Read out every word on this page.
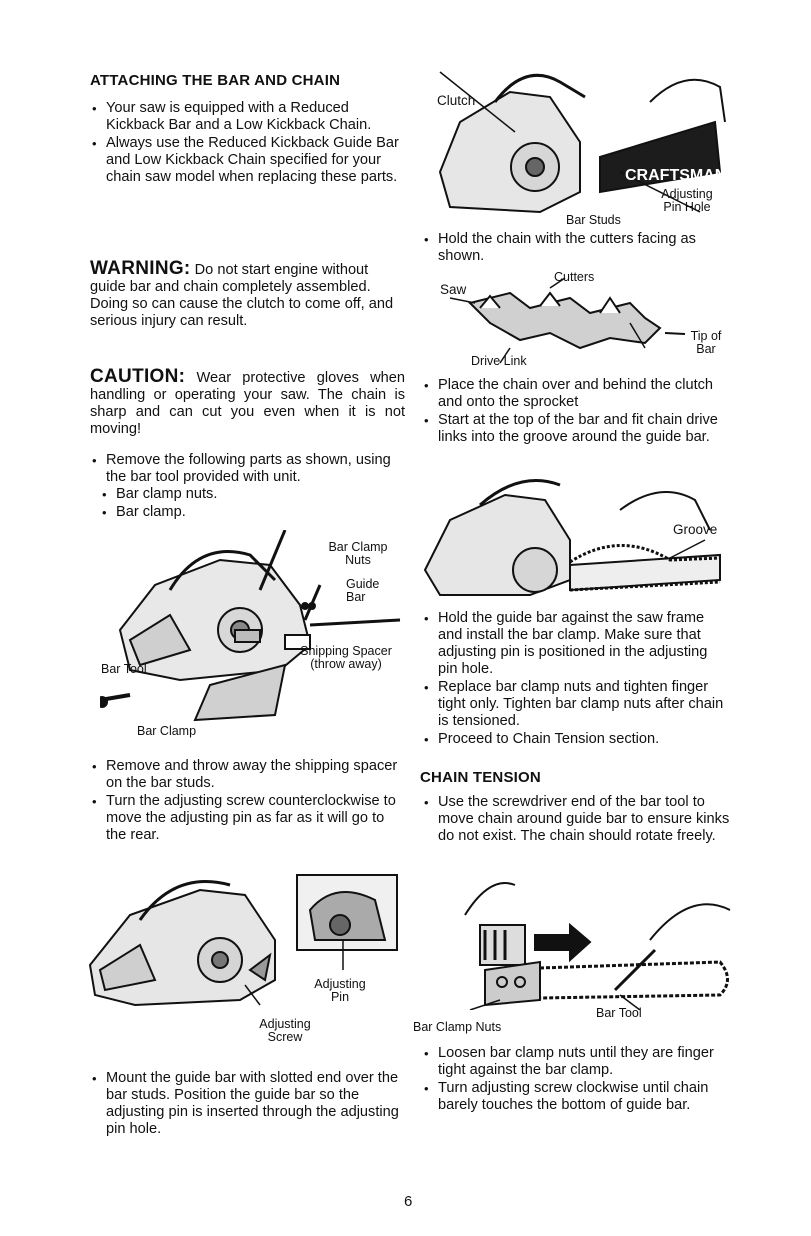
ATTACHING THE BAR AND CHAIN
• Your saw is equipped with a Reduced Kickback Bar and a Low Kickback Chain.
• Always use the Reduced Kickback Guide Bar and Low Kickback Chain specified for your chain saw model when replacing these parts.
WARNING: Do not start engine without guide bar and chain completely assembled. Doing so can cause the clutch to come off, and serious injury can result.
CAUTION: Wear protective gloves when handling or operating your saw. The chain is sharp and can cut you even when it is not moving!
• Remove the following parts as shown, using the bar tool provided with unit.
• Bar clamp nuts.
• Bar clamp.
Bar Clamp Nuts
Guide Bar
Bar Tool
Shipping Spacer (throw away)
Bar Clamp
• Remove and throw away the shipping spacer on the bar studs.
• Turn the adjusting screw counterclockwise to move the adjusting pin as far as it will go to the rear.
Adjusting Pin
Adjusting Screw
• Mount the guide bar with slotted end over the bar studs. Position the guide bar so the adjusting pin is inserted through the adjusting pin hole.
CRAFTSMAN
Clutch
Bar Studs
Adjusting Pin Hole
• Hold the chain with the cutters facing as shown.
Saw
Cutters
Tip of Bar
Drive Link
• Place the chain over and behind the clutch and onto the sprocket
• Start at the top of the bar and fit chain drive links into the groove around the guide bar.
Groove
• Hold the guide bar against the saw frame and install the bar clamp. Make sure that adjusting pin is positioned in the adjusting pin hole.
• Replace bar clamp nuts and tighten finger tight only. Tighten bar clamp nuts after chain is tensioned.
• Proceed to Chain Tension section.
CHAIN TENSION
• Use the screwdriver end of the bar tool to move chain around guide bar to ensure kinks do not exist. The chain should rotate freely.
Bar Tool
Bar Clamp Nuts
• Loosen bar clamp nuts until they are finger tight against the bar clamp.
• Turn adjusting screw clockwise until chain barely touches the bottom of guide bar.
6
